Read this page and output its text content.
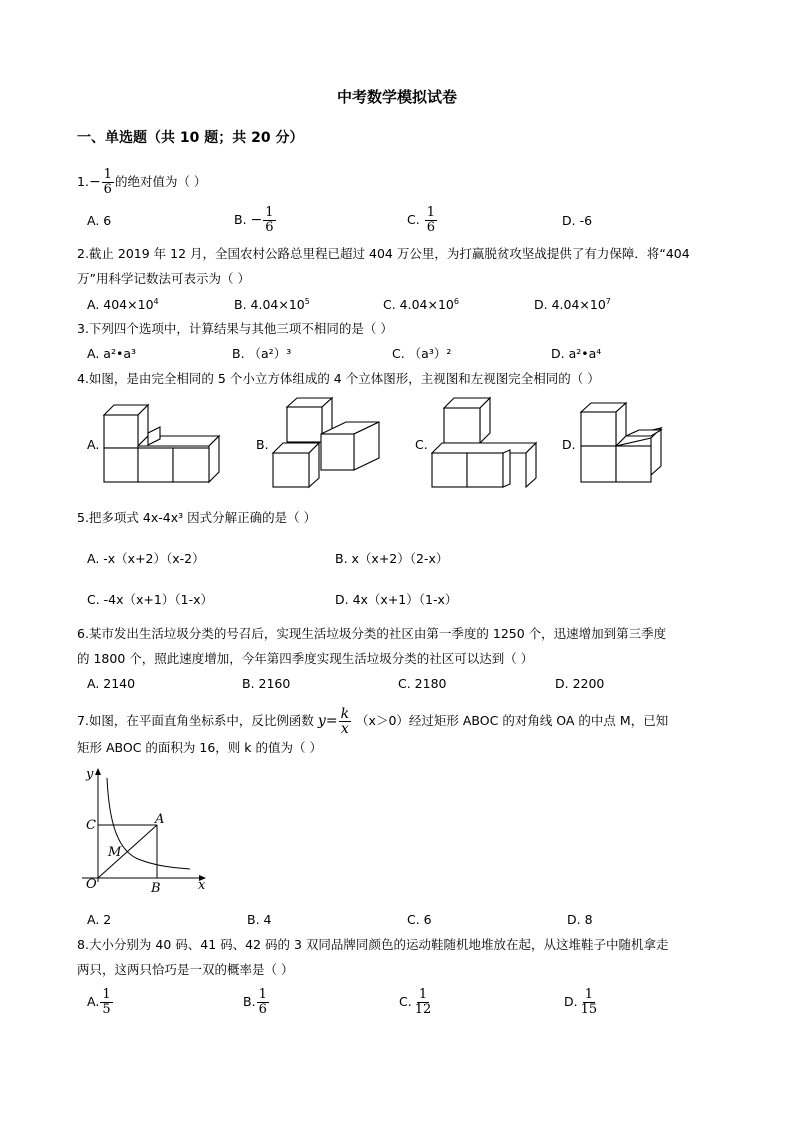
中考数学模拟试卷
一、单选题（共 10 题；共 20 分）
$1.- \frac{1}{6}$ 的绝对值为（ ）
A. 6	B. − $\frac{1}{6}$	C. $\frac{1}{6}$	D. -6
2.截止 2019 年 12 月，全国农村公路总里程已超过 404 万公里，为打赢脱贫攻坚战提供了有力保障．将“404
万”用科学记数法可表示为（ ）
A. $404\times 10^4$	B. $4.04\times 10^5$	C. $4.04\times 10^6$	D. $4.04\times 10^7$
3.下列四个选项中，计算结果与其他三项不相同的是（ ）
A. a²•a³	B. （a²）³	C. （a³）²	D. a²•a⁴
4.如图，是由完全相同的 5 个小立方体组成的 4 个立体图形，主视图和左视图完全相同的（ ）
A.	B.	C.	D.
5.把多项式 4x-4x³ 因式分解正确的是（ ）
A. -x（x+2）（x-2）	B. x（x+2）（2-x）
C. -4x（x+1）（1-x）	D. 4x（x+1）（1-x）
6.某市发出生活垃圾分类的号召后，实现生活垃圾分类的社区由第一季度的 1250 个，迅速增加到第三季度
的 1800 个，照此速度增加，今年第四季度实现生活垃圾分类的社区可以达到（ ）
A. 2140	B. 2160	C. 2180	D. 2200
7.如图，在平面直角坐标系中，反比例函数 $y= \frac{k}{x} (x>0)$经过矩形 ABOC 的对角线 OA 的中点 M，已知
矩形 ABOC 的面积为 16，则 k 的值为（ ）
y
x
O
A
B
C
M
A. 2	B. 4	C. 6	D. 8
8.大小分别为 40 码、41 码、42 码的 3 双同品牌同颜色的运动鞋随机地堆放在起，从这堆鞋子中随机拿走
两只，这两只恰巧是一双的概率是（ ）
A. $\frac{1}{5}$	B. $\frac{1}{6}$	C. $\frac{1}{12}$	D. $\frac{1}{15}$
